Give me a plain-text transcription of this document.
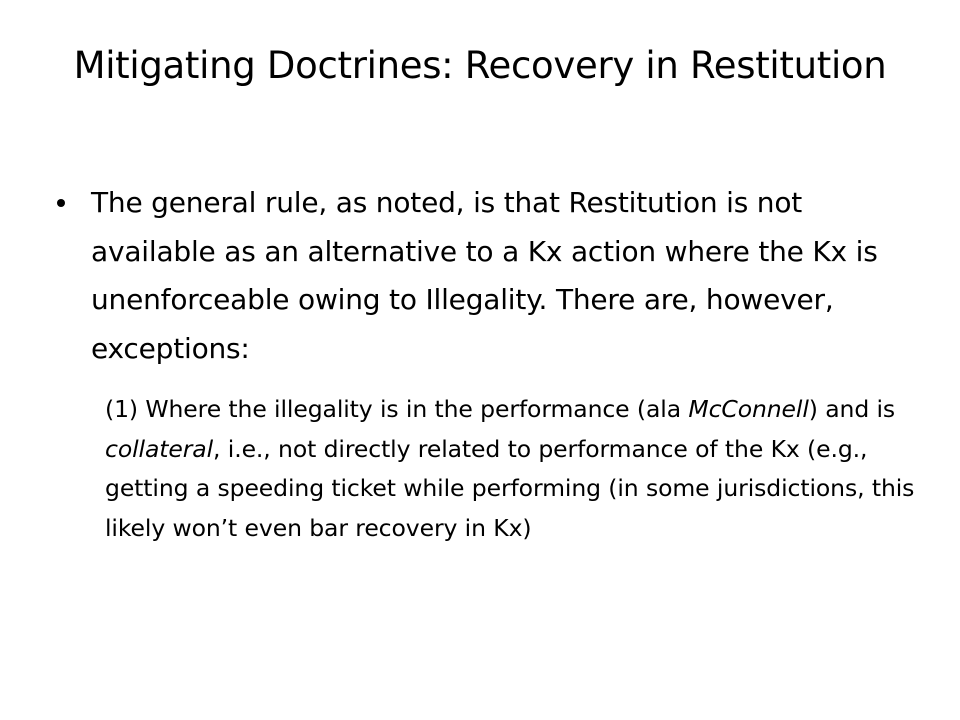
Mitigating Doctrines: Recovery in Restitution

The general rule, as noted, is that Restitution is not available as an alternative to a Kx action where the Kx is unenforceable owing to Illegality. There are, however, exceptions:

(1) Where the illegality is in the performance (ala McConnell) and is collateral, i.e., not directly related to performance of the Kx (e.g., getting a speeding ticket while performing (in some jurisdictions, this likely won’t even bar recovery in Kx)
